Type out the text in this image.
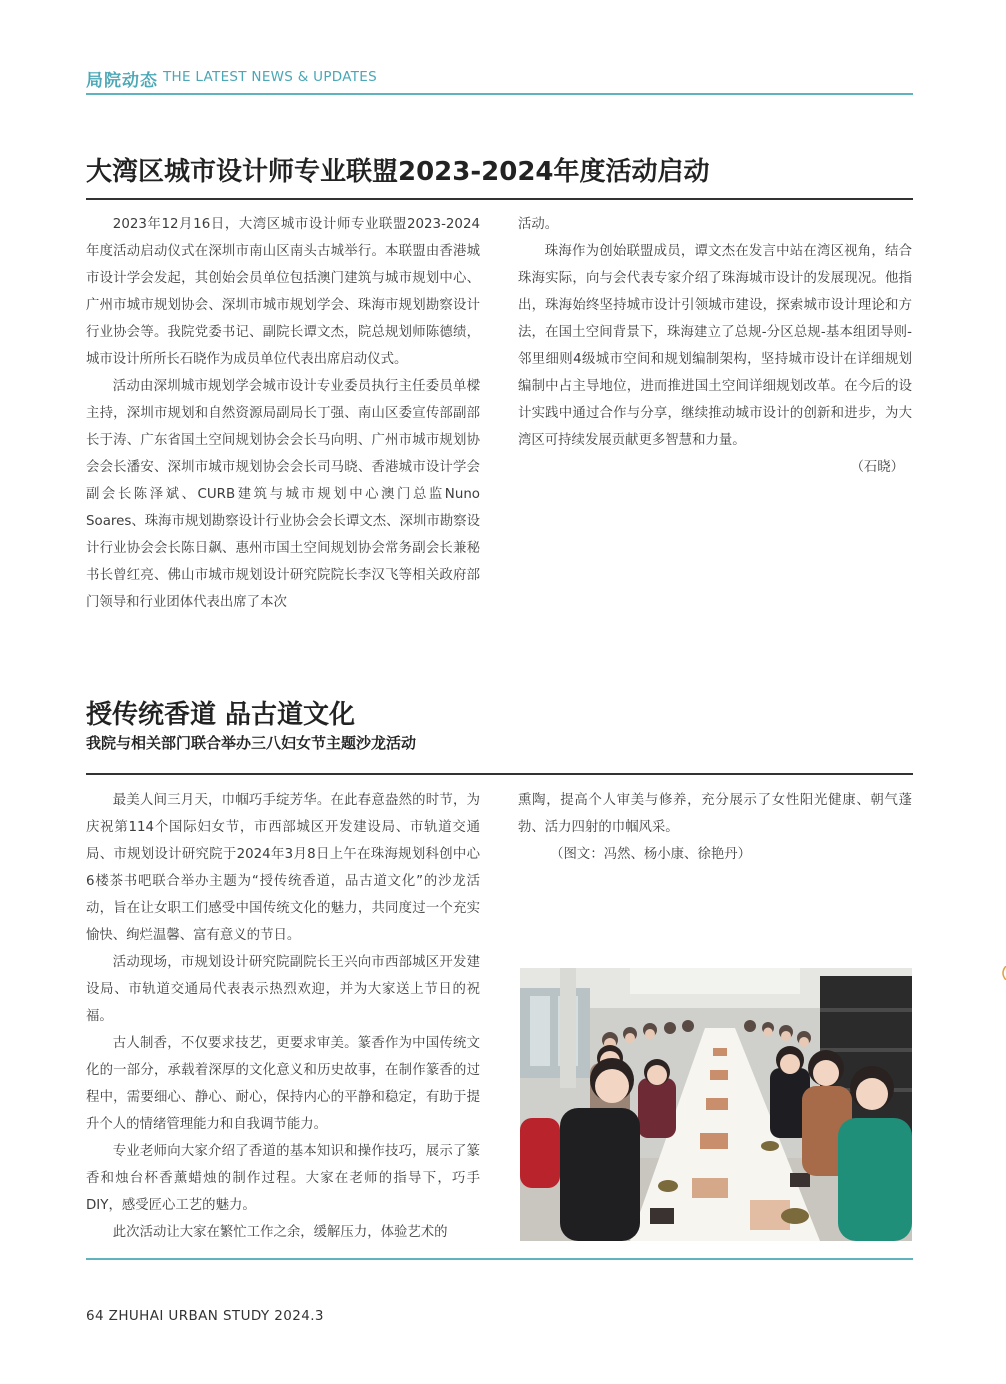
局院动态 THE LATEST NEWS & UPDATES
大湾区城市设计师专业联盟2023-2024年度活动启动

2023年12月16日，大湾区城市设计师专业联盟2023-2024年度活动启动仪式在深圳市南山区南头古城举行。本联盟由香港城市设计学会发起，其创始会员单位包括澳门建筑与城市规划中心、广州市城市规划协会、深圳市城市规划学会、珠海市规划勘察设计行业协会等。我院党委书记、副院长谭文杰，院总规划师陈德绩，城市设计所所长石晓作为成员单位代表出席启动仪式。

活动由深圳城市规划学会城市设计专业委员执行主任委员单樑主持，深圳市规划和自然资源局副局长丁强、南山区委宣传部副部长于涛、广东省国土空间规划协会会长马向明、广州市城市规划协会会长潘安、深圳市城市规划协会会长司马晓、香港城市设计学会副会长陈泽斌、CURB建筑与城市规划中心澳门总监Nuno Soares、珠海市规划勘察设计行业协会会长谭文杰、深圳市勘察设计行业协会会长陈日飙、惠州市国土空间规划协会常务副会长兼秘书长曾红亮、佛山市城市规划设计研究院院长李汉飞等相关政府部门领导和行业团体代表出席了本次

活动。

珠海作为创始联盟成员，谭文杰在发言中站在湾区视角，结合珠海实际，向与会代表专家介绍了珠海城市设计的发展现况。他指出，珠海始终坚持城市设计引领城市建设，探索城市设计理论和方法，在国土空间背景下，珠海建立了总规-分区总规-基本组团导则-邻里细则4级城市空间和规划编制架构，坚持城市设计在详细规划编制中占主导地位，进而推进国土空间详细规划改革。在今后的设计实践中通过合作与分享，继续推动城市设计的创新和进步，为大湾区可持续发展贡献更多智慧和力量。

（石晓）

授传统香道 品古道文化
我院与相关部门联合举办三八妇女节主题沙龙活动

最美人间三月天，巾帼巧手绽芳华。在此春意盎然的时节，为庆祝第114个国际妇女节，市西部城区开发建设局、市轨道交通局、市规划设计研究院于2024年3月8日上午在珠海规划科创中心6楼茶书吧联合举办主题为“授传统香道，品古道文化”的沙龙活动，旨在让女职工们感受中国传统文化的魅力，共同度过一个充实愉快、绚烂温馨、富有意义的节日。

活动现场，市规划设计研究院副院长王兴向市西部城区开发建设局、市轨道交通局代表表示热烈欢迎，并为大家送上节日的祝福。

古人制香，不仅要求技艺，更要求审美。篆香作为中国传统文化的一部分，承载着深厚的文化意义和历史故事，在制作篆香的过程中，需要细心、静心、耐心，保持内心的平静和稳定，有助于提升个人的情绪管理能力和自我调节能力。

专业老师向大家介绍了香道的基本知识和操作技巧，展示了篆香和烛台杯香薰蜡烛的制作过程。大家在老师的指导下，巧手DIY，感受匠心工艺的魅力。

此次活动让大家在繁忙工作之余，缓解压力，体验艺术的

熏陶，提高个人审美与修养，充分展示了女性阳光健康、朝气蓬勃、活力四射的巾帼风采。

（图文：冯然、杨小康、徐艳丹）

64 ZHUHAI URBAN STUDY 2024.3
